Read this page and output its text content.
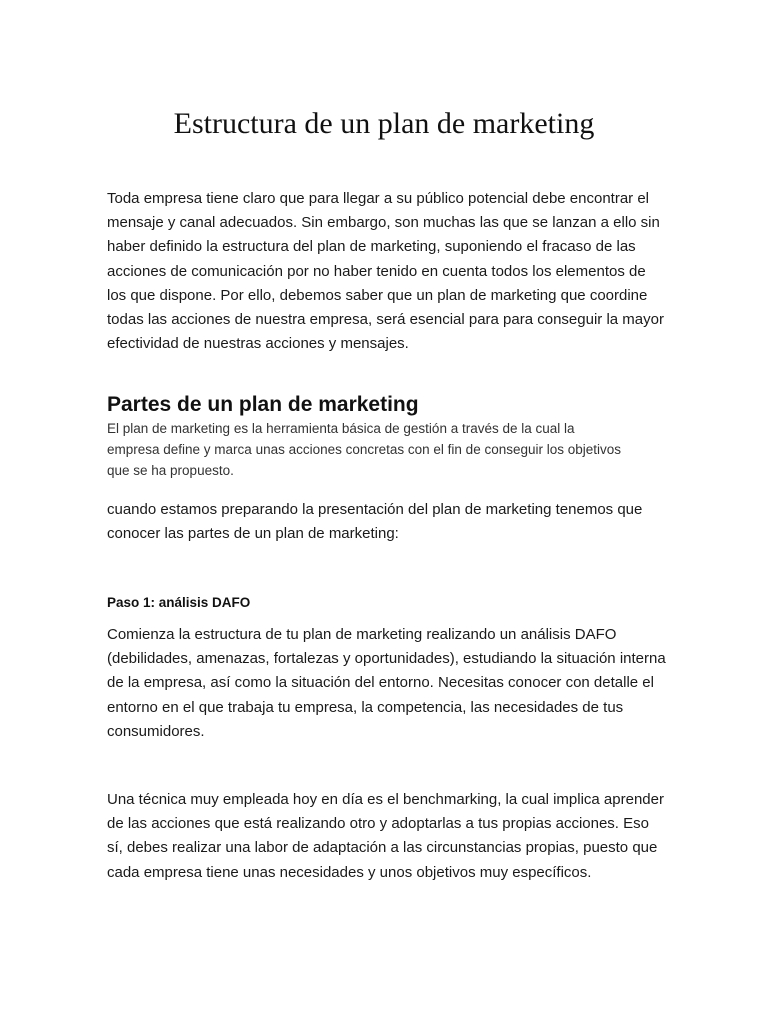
Estructura de un plan de marketing

Toda empresa tiene claro que para llegar a su público potencial debe encontrar el mensaje y canal adecuados. Sin embargo, son muchas las que se lanzan a ello sin haber definido la estructura del plan de marketing, suponiendo el fracaso de las acciones de comunicación por no haber tenido en cuenta todos los elementos de los que dispone. Por ello, debemos saber que un plan de marketing que coordine todas las acciones de nuestra empresa, será esencial para para conseguir la mayor efectividad de nuestras acciones y mensajes.

Partes de un plan de marketing

El plan de marketing es la herramienta básica de gestión a través de la cual la empresa define y marca unas acciones concretas con el fin de conseguir los objetivos que se ha propuesto.

cuando estamos preparando la presentación del plan de marketing tenemos que conocer las partes de un plan de marketing:

Paso 1: análisis DAFO

Comienza la estructura de tu plan de marketing realizando un análisis DAFO (debilidades, amenazas, fortalezas y oportunidades), estudiando la situación interna de la empresa, así como la situación del entorno. Necesitas conocer con detalle el entorno en el que trabaja tu empresa, la competencia, las necesidades de tus consumidores.

Una técnica muy empleada hoy en día es el benchmarking, la cual implica aprender de las acciones que está realizando otro y adoptarlas a tus propias acciones. Eso sí, debes realizar una labor de adaptación a las circunstancias propias, puesto que cada empresa tiene unas necesidades y unos objetivos muy específicos.
